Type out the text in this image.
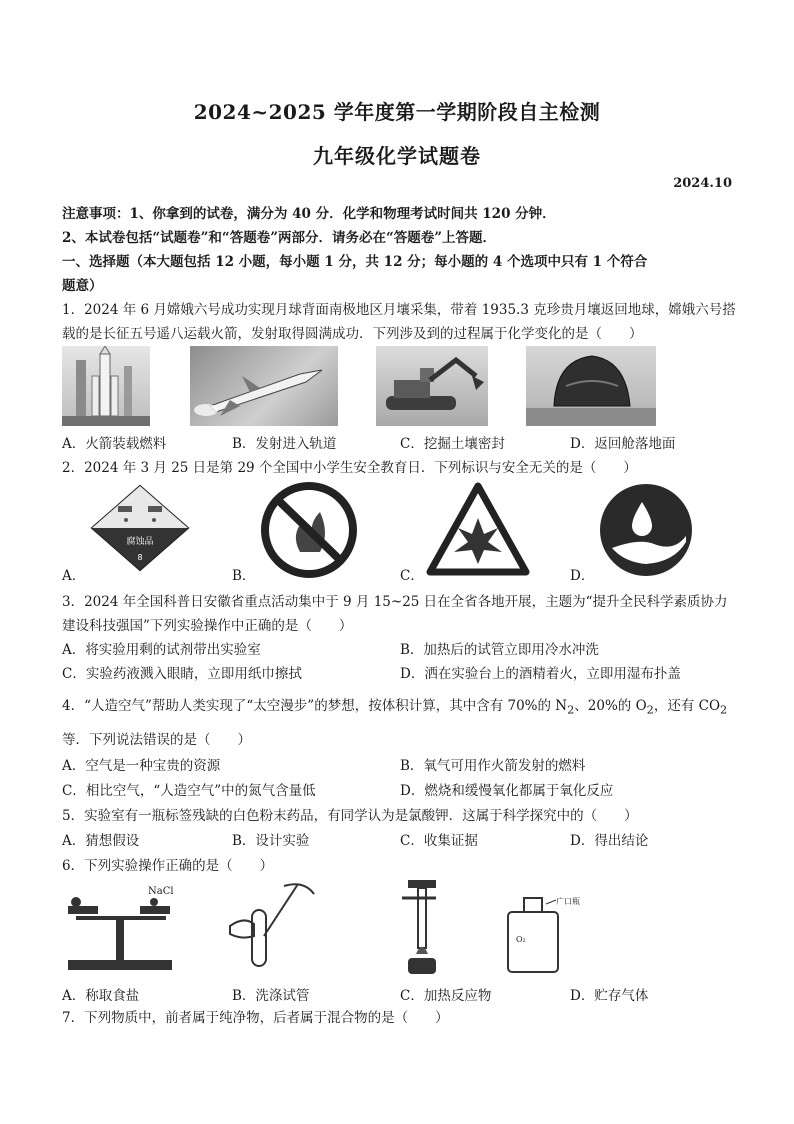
2024~2025 学年度第一学期阶段自主检测
九年级化学试题卷
2024.10
注意事项：1、你拿到的试卷，满分为 40 分．化学和物理考试时间共 120 分钟．
2、本试卷包括“试题卷”和“答题卷”两部分．请务必在“答题卷”上答题．
一、选择题（本大题包括 12 小题，每小题 1 分，共 12 分；每小题的 4 个选项中只有 1 个符合
题意）
1．2024 年 6 月嫦娥六号成功实现月球背面南极地区月壤采集，带着 1935.3 克珍贵月壤返回地球，嫦娥六号搭
载的是长征五号遥八运载火箭，发射取得圆满成功．下列涉及到的过程属于化学变化的是（　　）
A．火箭装载燃料	B．发射进入轨道	C．挖掘土壤密封	D．返回舱落地面
2．2024 年 3 月 25 日是第 29 个全国中小学生安全教育日．下列标识与安全无关的是（　　）
A．
腐蚀品
8
B．	C．	D．
3．2024 年全国科普日安徽省重点活动集中于 9 月 15~25 日在全省各地开展，主题为“提升全民科学素质协力
建设科技强国”下列实验操作中正确的是（　　）
A．将实验用剩的试剂带出实验室	B．加热后的试管立即用冷水冲洗
C．实验药液溅入眼睛，立即用纸巾擦拭	D．洒在实验台上的酒精着火，立即用湿布扑盖
4．“人造空气”帮助人类实现了“太空漫步”的梦想，按体积计算，其中含有 70%的 $N_2$、20%的 $O_2$，还有 $CO_2$
等．下列说法错误的是（　　）
A．空气是一种宝贵的资源	B．氧气可用作火箭发射的燃料
C．相比空气，“人造空气”中的氮气含量低	D．燃烧和缓慢氧化都属于氧化反应
5．实验室有一瓶标签残缺的白色粉末药品，有同学认为是氯酸钾．这属于科学探究中的（　　）
A．猜想假设	B．设计实验	C．收集证据	D．得出结论
6．下列实验操作正确的是（　　）
NaCl
广口瓶
O₂
A．称取食盐	B．洗涤试管	C．加热反应物	D．贮存气体
7．下列物质中，前者属于纯净物，后者属于混合物的是（　　）
